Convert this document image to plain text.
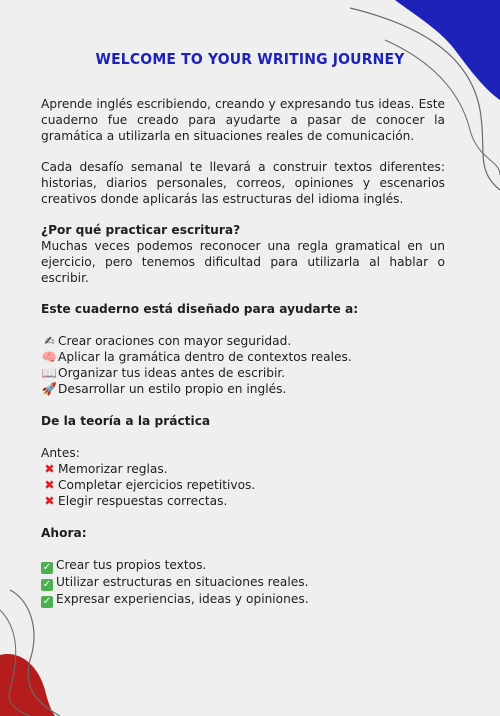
WELCOME TO YOUR WRITING JOURNEY

Aprende inglés escribiendo, creando y expresando tus ideas. Este cuaderno fue creado para ayudarte a pasar de conocer la gramática a utilizarla en situaciones reales de comunicación.

Cada desafío semanal te llevará a construir textos diferentes: historias, diarios personales, correos, opiniones y escenarios creativos donde aplicarás las estructuras del idioma inglés.

¿Por qué practicar escritura?

Muchas veces podemos reconocer una regla gramatical en un ejercicio, pero tenemos dificultad para utilizarla al hablar o escribir.

Este cuaderno está diseñado para ayudarte a:

✍ Crear oraciones con mayor seguridad.
🧠Aplicar la gramática dentro de contextos reales.
📖Organizar tus ideas antes de escribir.
🚀Desarrollar un estilo propio en inglés.

De la teoría a la práctica

Antes:

✖ Memorizar reglas.
✖ Completar ejercicios repetitivos.
✖ Elegir respuestas correctas.

Ahora:

✓ Crear tus propios textos.
✓ Utilizar estructuras en situaciones reales.
✓ Expresar experiencias, ideas y opiniones.
